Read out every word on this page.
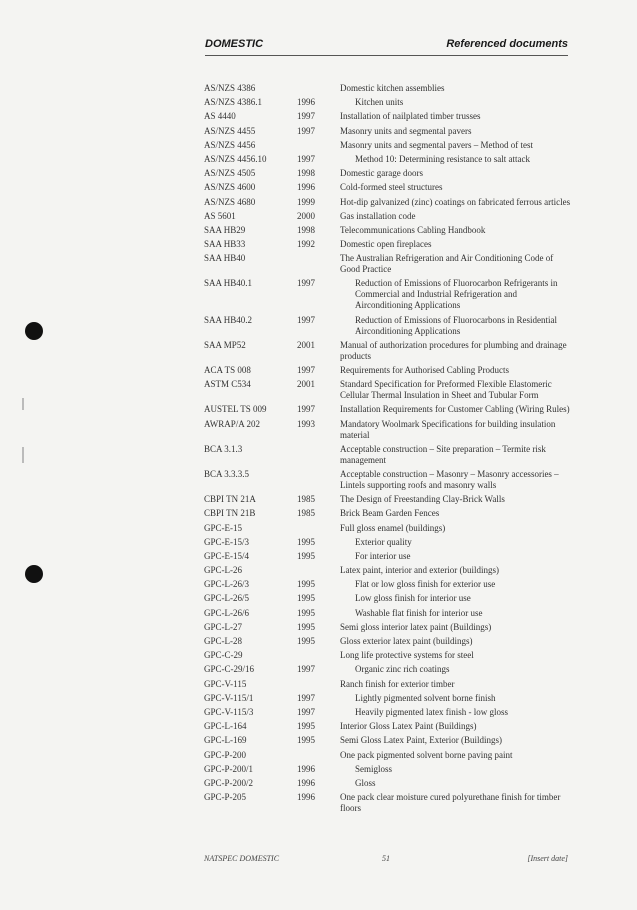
DOMESTIC	Referenced documents
AS/NZS 4386	Domestic kitchen assemblies
AS/NZS 4386.1	1996	Kitchen units
AS 4440	1997	Installation of nailplated timber trusses
AS/NZS 4455	1997	Masonry units and segmental pavers
AS/NZS 4456	Masonry units and segmental pavers – Method of test
AS/NZS 4456.10	1997	Method 10: Determining resistance to salt attack
AS/NZS 4505	1998	Domestic garage doors
AS/NZS 4600	1996	Cold-formed steel structures
AS/NZS 4680	1999	Hot-dip galvanized (zinc) coatings on fabricated ferrous articles
AS 5601	2000	Gas installation code
SAA HB29	1998	Telecommunications Cabling Handbook
SAA HB33	1992	Domestic open fireplaces
SAA HB40	The Australian Refrigeration and Air Conditioning Code of Good Practice
SAA HB40.1	1997	Reduction of Emissions of Fluorocarbon Refrigerants in Commercial and Industrial Refrigeration and Airconditioning Applications
SAA HB40.2	1997	Reduction of Emissions of Fluorocarbons in Residential Airconditioning Applications
SAA MP52	2001	Manual of authorization procedures for plumbing and drainage products
ACA TS 008	1997	Requirements for Authorised Cabling Products
ASTM C534	2001	Standard Specification for Preformed Flexible Elastomeric Cellular Thermal Insulation in Sheet and Tubular Form
AUSTEL TS 009	1997	Installation Requirements for Customer Cabling (Wiring Rules)
AWRAP/A 202	1993	Mandatory Woolmark Specifications for building insulation material
BCA 3.1.3	Acceptable construction – Site preparation – Termite risk management
BCA 3.3.3.5	Acceptable construction – Masonry – Masonry accessories – Lintels supporting roofs and masonry walls
CBPI TN 21A	1985	The Design of Freestanding Clay-Brick Walls
CBPI TN 21B	1985	Brick Beam Garden Fences
GPC-E-15	Full gloss enamel (buildings)
GPC-E-15/3	1995	Exterior quality
GPC-E-15/4	1995	For interior use
GPC-L-26	Latex paint, interior and exterior (buildings)
GPC-L-26/3	1995	Flat or low gloss finish for exterior use
GPC-L-26/5	1995	Low gloss finish for interior use
GPC-L-26/6	1995	Washable flat finish for interior use
GPC-L-27	1995	Semi gloss interior latex paint (Buildings)
GPC-L-28	1995	Gloss exterior latex paint (buildings)
GPC-C-29	Long life protective systems for steel
GPC-C-29/16	1997	Organic zinc rich coatings
GPC-V-115	Ranch finish for exterior timber
GPC-V-115/1	1997	Lightly pigmented solvent borne finish
GPC-V-115/3	1997	Heavily pigmented latex finish - low gloss
GPC-L-164	1995	Interior Gloss Latex Paint (Buildings)
GPC-L-169	1995	Semi Gloss Latex Paint, Exterior (Buildings)
GPC-P-200	One pack pigmented solvent borne paving paint
GPC-P-200/1	1996	Semigloss
GPC-P-200/2	1996	Gloss
GPC-P-205	1996	One pack clear moisture cured polyurethane finish for timber floors
NATSPEC DOMESTIC	51	[Insert date]
